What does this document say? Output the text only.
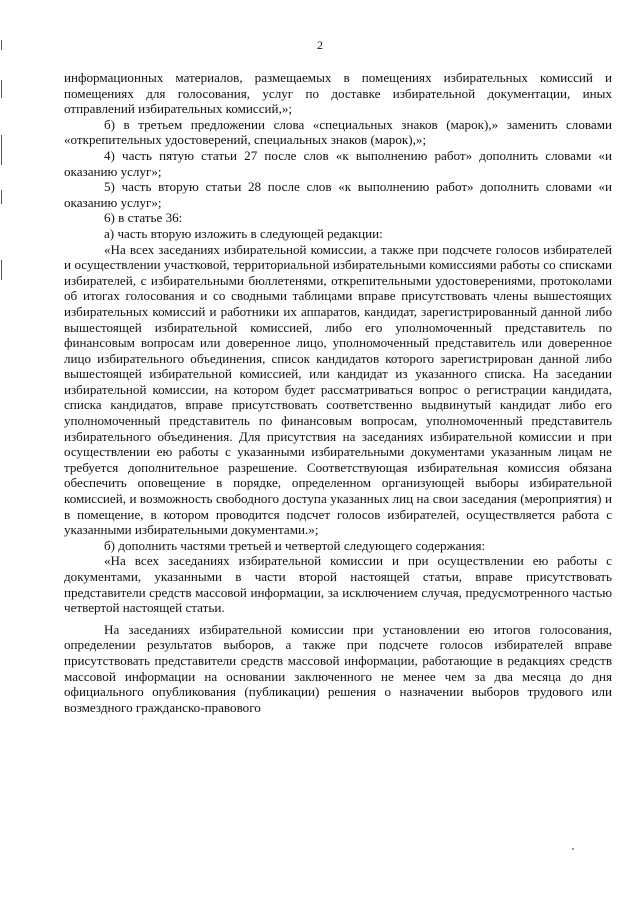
2

информационных материалов, размещаемых в помещениях избирательных комиссий и помещениях для голосования, услуг по доставке избирательной документации, иных отправлений избирательных комиссий,»;

б) в третьем предложении слова «специальных знаков (марок),» заменить словами «открепительных удостоверений, специальных знаков (марок),»;

4) часть пятую статьи 27 после слов «к выполнению работ» дополнить словами «и оказанию услуг»;

5) часть вторую статьи 28 после слов «к выполнению работ» дополнить словами «и оказанию услуг»;

6) в статье 36:

а) часть вторую изложить в следующей редакции:

«На всех заседаниях избирательной комиссии, а также при подсчете голосов избирателей и осуществлении участковой, территориальной избирательными комиссиями работы со списками избирателей, с избирательными бюллетенями, открепительными удостоверениями, протоколами об итогах голосования и со сводными таблицами вправе присутствовать члены вышестоящих избирательных комиссий и работники их аппаратов, кандидат, зарегистрированный данной либо вышестоящей избирательной комиссией, либо его уполномоченный представитель по финансовым вопросам или доверенное лицо, уполномоченный представитель или доверенное лицо избирательного объединения, список кандидатов которого зарегистрирован данной либо вышестоящей избирательной комиссией, или кандидат из указанного списка. На заседании избирательной комиссии, на котором будет рассматриваться вопрос о регистрации кандидата, списка кандидатов, вправе присутствовать соответственно выдвинутый кандидат либо его уполномоченный представитель по финансовым вопросам, уполномоченный представитель избирательного объединения. Для присутствия на заседаниях избирательной комиссии и при осуществлении ею работы с указанными избирательными документами указанным лицам не требуется дополнительное разрешение. Соответствующая избирательная комиссия обязана обеспечить оповещение в порядке, определенном организующей выборы избирательной комиссией, и возможность свободного доступа указанных лиц на свои заседания (мероприятия) и в помещение, в котором проводится подсчет голосов избирателей, осуществляется работа с указанными избирательными документами.»;

б) дополнить частями третьей и четвертой следующего содержания:

«На всех заседаниях избирательной комиссии и при осуществлении ею работы с документами, указанными в части второй настоящей статьи, вправе присутствовать представители средств массовой информации, за исключением случая, предусмотренного частью четвертой настоящей статьи.

На заседаниях избирательной комиссии при установлении ею итогов голосования, определении результатов выборов, а также при подсчете голосов избирателей вправе присутствовать представители средств массовой информации, работающие в редакциях средств массовой информации на основании заключенного не менее чем за два месяца до дня официального опубликования (публикации) решения о назначении выборов трудового или возмездного гражданско-правового
